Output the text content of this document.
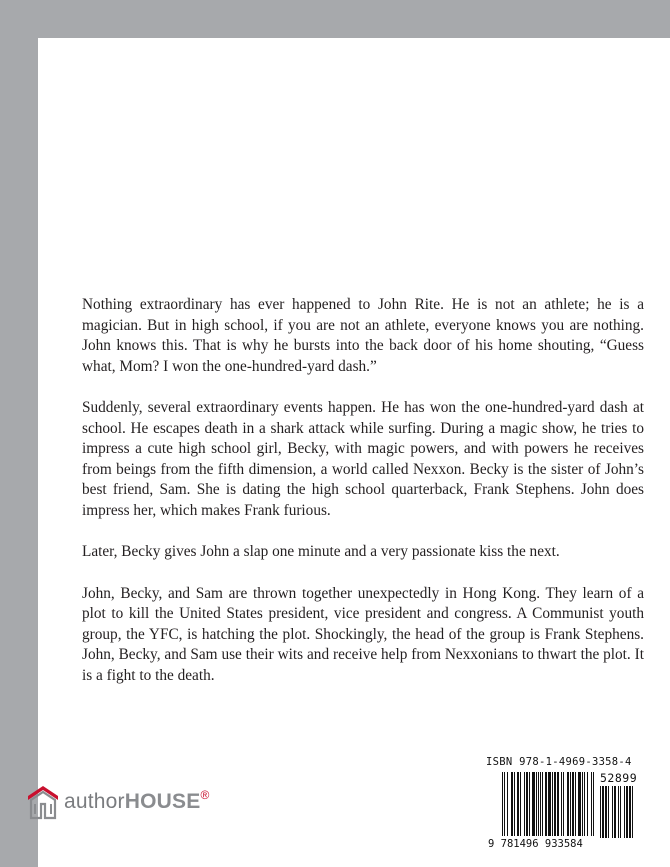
Nothing extraordinary has ever happened to John Rite. He is not an athlete; he is a magician. But in high school, if you are not an athlete, everyone knows you are nothing. John knows this. That is why he bursts into the back door of his home shouting, “Guess what, Mom? I won the one-hundred-yard dash.”

Suddenly, several extraordinary events happen. He has won the one-hundred-yard dash at school. He escapes death in a shark attack while surfing. During a magic show, he tries to impress a cute high school girl, Becky, with magic powers, and with powers he receives from beings from the fifth dimension, a world called Nexxon. Becky is the sister of John’s best friend, Sam. She is dating the high school quarterback, Frank Stephens. John does impress her, which makes Frank furious.

Later, Becky gives John a slap one minute and a very passionate kiss the next.

John, Becky, and Sam are thrown together unexpectedly in Hong Kong. They learn of a plot to kill the United States president, vice president and congress. A Communist youth group, the YFC, is hatching the plot. Shockingly, the head of the group is Frank Stephens. John, Becky, and Sam use their wits and receive help from Nexxonians to thwart the plot. It is a fight to the death.

authorHOUSE®
ISBN 978-1-4969-3358-4
52899
9 781496 933584
